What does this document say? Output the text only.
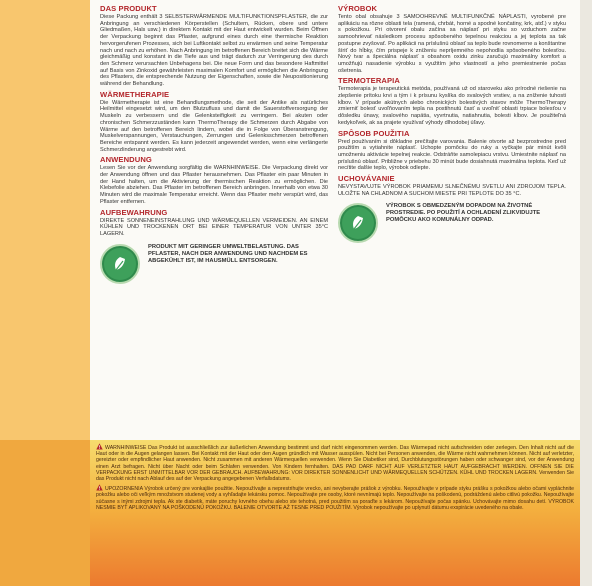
DAS PRODUKT

Diese Packung enthält 3 SELBSTERWÄRMENDE MULTIFUNKTIONSPFLASTER, die zur Anbringung an verschiedenen Körperstellen (Schultern, Rücken, obere und untere Gliedmaßen, Hals usw.) in direktem Kontakt mit der Haut entwickelt wurden. Beim Öffnen der Verpackung beginnt das Pflaster, aufgrund eines durch eine thermische Reaktion hervorgerufenen Prozesses, sich bei Luftkontakt selbst zu erwärmen und seine Temperatur nach und nach zu erhöhen. Nach Anbringung im betroffenen Bereich breitet sich die Wärme gleichmäßig und konstant in die Tiefe aus und trägt dadurch zur Verringerung des durch den Schmerz verursachten Unbehagens bei. Die neue Form und das besondere Haftmittel auf Basis von Zinkoxid gewährleisten maximalen Komfort und ermöglichen die Anbringung des Pflasters, die entsprechende Nutzung der Eigenschaften, sowie die Neupositionierung während der Behandlung.

WÄRMETHERAPIE

Die Wärmetherapie ist eine Behandlungsmethode, die seit der Antike als natürliches Heilmittel eingesetzt wird, um den Blutzufluss und damit die Sauerstoffversorgung der Muskeln zu verbessern und die Gelenksteifigkeit zu verringern. Bei akuten oder chronischen Schmerzzuständen kann ThermoTherapy die Schmerzen durch Abgabe von Wärme auf den betroffenen Bereich lindern, wobei die in Folge von Überanstrengung, Muskelverspannungen, Verstauchungen, Zerrungen und Gelenksschmerzen betroffenen Bereiche entspannt werden. Es kann jederzeit angewendet werden, wenn eine verlängerte Schmerzlinderung angestrebt wird.

ANWENDUNG

Lesen Sie vor der Anwendung sorgfältig die WARNHINWEISE. Die Verpackung direkt vor der Anwendung öffnen und das Pflaster herausnehmen. Das Pflaster ein paar Minuten in der Hand halten, um die Aktivierung der thermischen Reaktion zu ermöglichen. Die Klebefolie abziehen. Das Pflaster im betroffenen Bereich anbringen. Innerhalb von etwa 30 Minuten wird die maximale Temperatur erreicht. Wenn das Pflaster mehr verspürt wird, das Pflaster entfernen.

AUFBEWAHRUNG

DIREKTE SONNENEINSTRAHLUNG UND WÄRMEQUELLEN VERMEIDEN. AN EINEM KÜHLEN UND TROCKENEN ORT BEI EINER TEMPERATUR VON UNTER 35°C LAGERN.

PRODUKT MIT GERINGER UMWELTBELASTUNG. DAS PFLASTER, NACH DER ANWENDUNG UND NACHDEM ES ABGEKÜHLT IST, IM HAUSMÜLL ENTSORGEN.
VÝROBOK

Tento obal obsahuje 3 SAMOOHREVNÉ MULTIFUNKČNÉ NÁPLASTI, vyrobené pre aplikáciu na rôzne oblasti tela (ramená, chrbát, horné a spodné končatiny, krk, atď.) v styku s pokožkou. Pri otvorení obalu začína sa náplasť pri styku so vzduchom začne samoohrievať následkom procesu spôsobeného tepelnou reakciou a jej teplota sa tak postupne zvyšovať. Po aplikácii na príslušnú oblasť sa teplo bude rovnomerne a konštantne šíriť do hĺbky, čím prispeje k zníženiu nepríjemného nepohodlia spôsobeného bolesťou. Nový tvar a špeciálna náplasť s obsahom oxidu zinku zaručujú maximálny komfort a umožňujú nasadenie výrobku s využitím jeho vlastností a jeho premiestnenie počas ošetrenia.

TERMOTERAPIA

Termoterapia je terapeutická metóda, používaná už od staroveku ako prírodné riešenie na zlepšenie prítoku krvi a tým i k prísunu kyslíka do svalových vrstiev, a na zníženie tuhosti kĺbov. V prípade akútnych alebo chronických bolestivých stavov môže ThermoTherapy zmierniť bolesť uvoľňovaním tepla na postihnutú časť a uvoľniť oblasti trpiace bolesťou v dôsledku únavy, svalového napätia, vyvrtnutia, natiahnutia, bolesti kĺbov. Je použiteľná kedykoľvek, ak sa prajete využívať výhody dlhodobej úľavy.

SPÔSOB POUŽITIA

Pred používaním si dôkladne prečítajte varovania. Balenie otvorte až bezprostredne pred použitím a vytiahnite náplasť. Uchopte pomôcku do ruky a vyčkajte pár minút kvôli umožneniu aktivácie tepelnej reakcie. Odstráňte samolepiacu vrstvu. Umiestnite náplasť na príslušnú oblasť. Približne v priebehu 30 minút bude dosiahnutá maximálna teplota. Keď už necítite dalšie teplo, výrobok odlepte.

UCHOVÁVANIE

NEVYSTAVUJTE VÝROBOK PRIAMEMU SLNEČNÉMU SVETLU ANI ZDROJOM TEPLA. ULOŽTE NA CHLADNOM A SUCHOM MIESTE PRI TEPLOTE DO 35 °C.

VÝROBOK S OBMEDZENÝM DOPADOM NA ŽIVOTNÉ PROSTREDIE. PO POUŽITÍ A OCHLADENÍ ZLIKVIDUJTE POMÔCKU AKO KOMUNÁLNY ODPAD.

WARNHINWEISE Das Produkt ist ausschließlich zur äußerlichen Anwendung bestimmt und darf nicht eingenommen werden. Das Wärmepad nicht aufschneiden oder zerlegen. Den Inhalt nicht auf die Haut oder in die Augen gelangen lassen. Bei Kontakt mit der Haut oder den Augen gründlich mit Wasser ausspülen. Nicht bei Personen anwenden, die Wärme nicht wahrnehmen können. Nicht auf verletzter, gereizter oder empfindlicher Haut anwenden. Nicht zusammen mit anderen Wärmequellen verwenden. Wenn Sie Diabetiker sind, Durchblutungsstörungen haben oder schwanger sind, vor der Anwendung einen Arzt befragen. Nicht über Nacht oder beim Schlafen verwenden. Von Kindern fernhalten. DAS PAD DARF NICHT AUF VERLETZTER HAUT AUFGEBRACHT WERDEN. OFFNEN SIE DIE VERPACKUNG ERST UNMITTELBAR VOR DER GEBRAUCH. AUFBEWAHRUNG: VOR DIREKTER SONNENLICHT UND WÄRMEQUELLEN SCHÜTZEN. KÜHL UND TROCKEN LAGERN. Verwenden Sie das Produkt nicht nach Ablauf des auf der Verpackung angegebenen Verfallsdatums.

UPOZORNENIA Výrobok určený pre vonkajšie použitie. Nepoužívajte a neprestrihujte vrecko, ani nevyberajte prášok z výrobku. Nepoužívajte v prípade styku prášku s pokožkou alebo očami vypláchnite pokožku alebo oči veľkým množstvom studenej vody a vyhľadajte lekársku pomoc. Nepoužívajte pre osoby, ktoré nevnímajú teplo. Nepoužívajte na poškodenú, podráždenú alebo citlivú pokožku. Nepoužívajte súčasne s inými zdrojmi tepla. Ak ste diabetik, máte poruchy krvného obehu alebo ste tehotná, pred použitím sa poraďte s lekárom. Nepoužívajte počas spánku. Uchovávajte mimo dosahu detí. VÝROBOK NESMIE BYŤ APLIKOVANÝ NA POŠKODENÚ POKOŽKU. BALENIE OTVORTE AŽ TESNE PRED POUŽITÍM. Výrobok nepoužívajte po uplynutí dátumu exspirácie uvedeného na obale.
